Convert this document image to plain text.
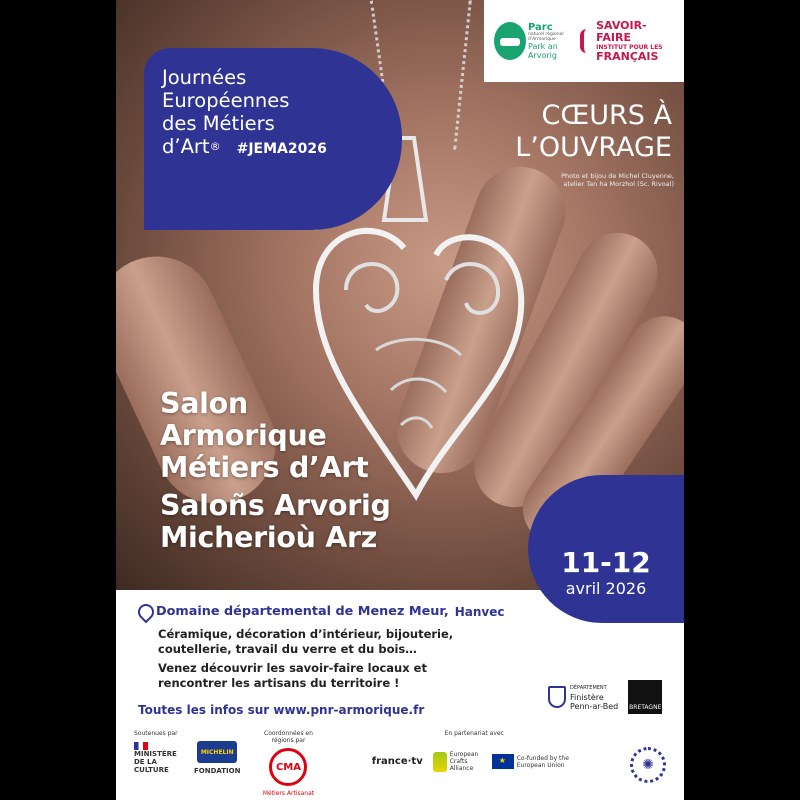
Journées
Européennes
des Métiers
d’Art® #JEMA2026
Parc
naturel régional d'Armorique
Park an Arvorig
SAVOIR-FAIRE
INSTITUT POUR LES
FRANÇAIS
CŒURS À
L’OUVRAGE
Photo et bijou de Michel Cluyenne,
atelier Tan ha Morzhol (Sc. Rivoal)
Salon
Armorique
Métiers d’Art
Saloñs Arvorig
Micherioù Arz
11-12
avril 2026
Domaine départemental de Menez Meur, Hanvec
Céramique, décoration d’intérieur, bijouterie,
coutellerie, travail du verre et du bois…
Venez découvrir les savoir-faire locaux et
rencontrer les artisans du territoire !
Toutes les infos sur www.pnr-armorique.fr
DÉPARTEMENT
Finistère
Penn-ar-Bed BRETAGNE
Soutenues par
MINISTÈRE DE LA CULTURE
MICHELIN
FONDATION
Coordonnées en régions par
CMA
Métiers Artisanat
En partenariat avec
france·tv
European Crafts Alliance
★
Co-funded by the European Union	✺
